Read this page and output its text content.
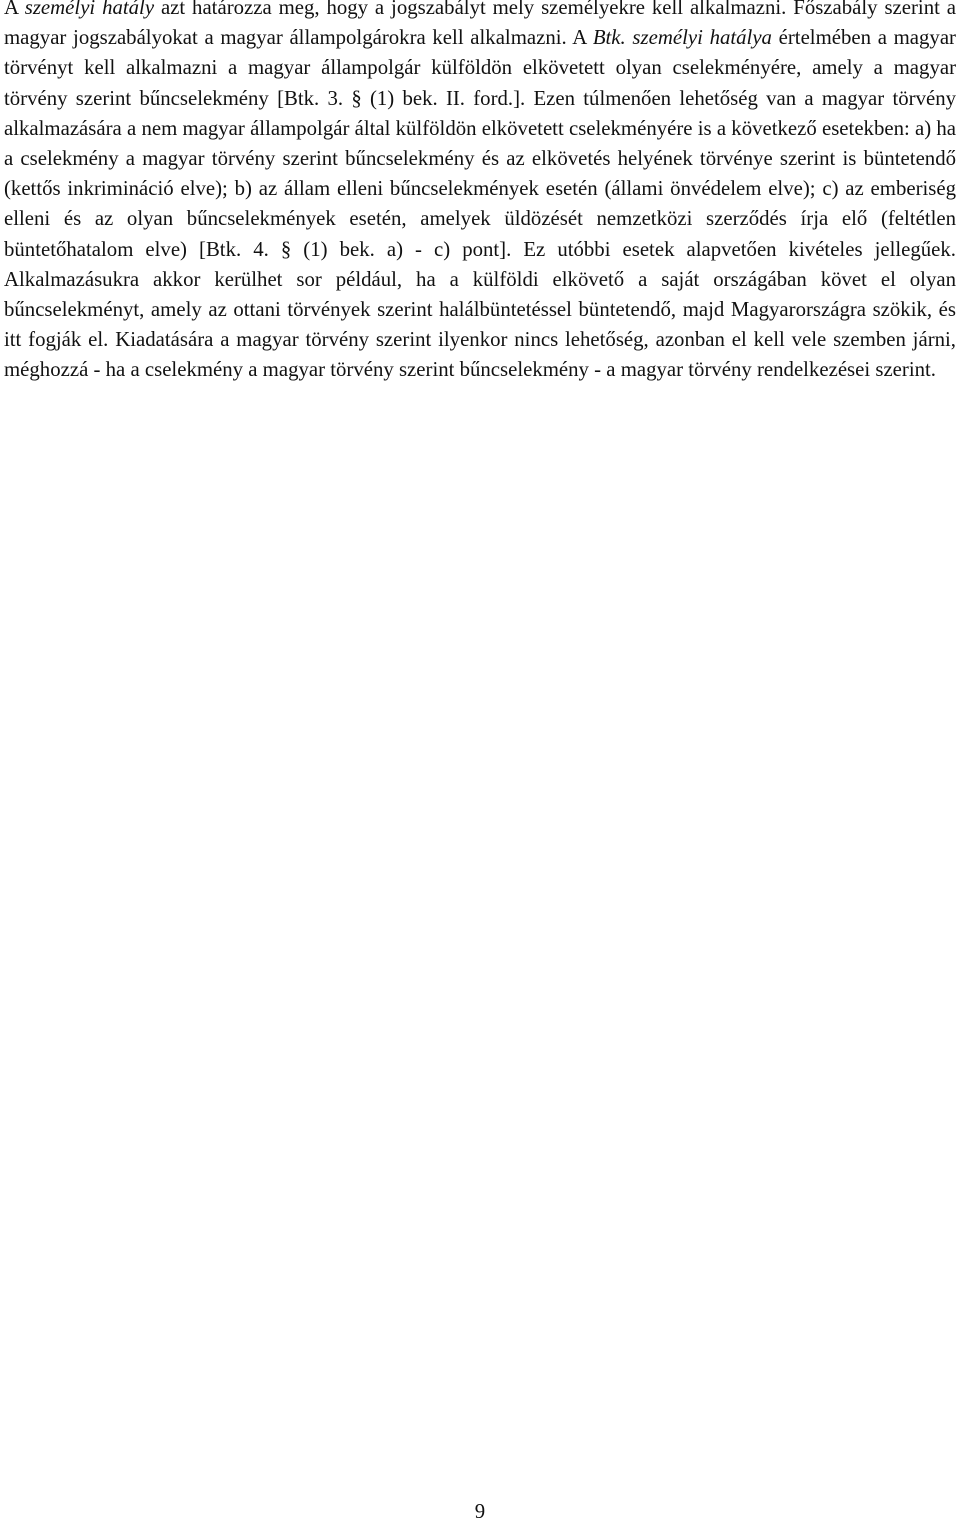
A személyi hatály azt határozza meg, hogy a jogszabályt mely személyekre kell alkalmazni. Főszabály szerint a magyar jogszabályokat a magyar állampolgárokra kell alkalmazni. A Btk. személyi hatálya értelmében a magyar törvényt kell alkalmazni a magyar állampolgár külföldön elkövetett olyan cselekményére, amely a magyar törvény szerint bűncselekmény [Btk. 3. § (1) bek. II. ford.]. Ezen túlmenően lehetőség van a magyar törvény alkalmazására a nem magyar állampolgár által külföldön elkövetett cselekményére is a következő esetekben: a) ha a cselekmény a magyar törvény szerint bűncselekmény és az elkövetés helyének törvénye szerint is büntetendő (kettős inkrimináció elve); b) az állam elleni bűncselekmények esetén (állami önvédelem elve); c) az emberiség elleni és az olyan bűncselekmények esetén, amelyek üldözését nemzetközi szerződés írja elő (feltétlen büntetőhatalom elve) [Btk. 4. § (1) bek. a) - c) pont]. Ez utóbbi esetek alapvetően kivételes jellegűek. Alkalmazásukra akkor kerülhet sor például, ha a külföldi elkövető a saját országában követ el olyan bűncselekményt, amely az ottani törvények szerint halálbüntetéssel büntetendő, majd Magyarországra szökik, és itt fogják el. Kiadatására a magyar törvény szerint ilyenkor nincs lehetőség, azonban el kell vele szemben járni, méghozzá - ha a cselekmény a magyar törvény szerint bűncselekmény - a magyar törvény rendelkezései szerint.

9
